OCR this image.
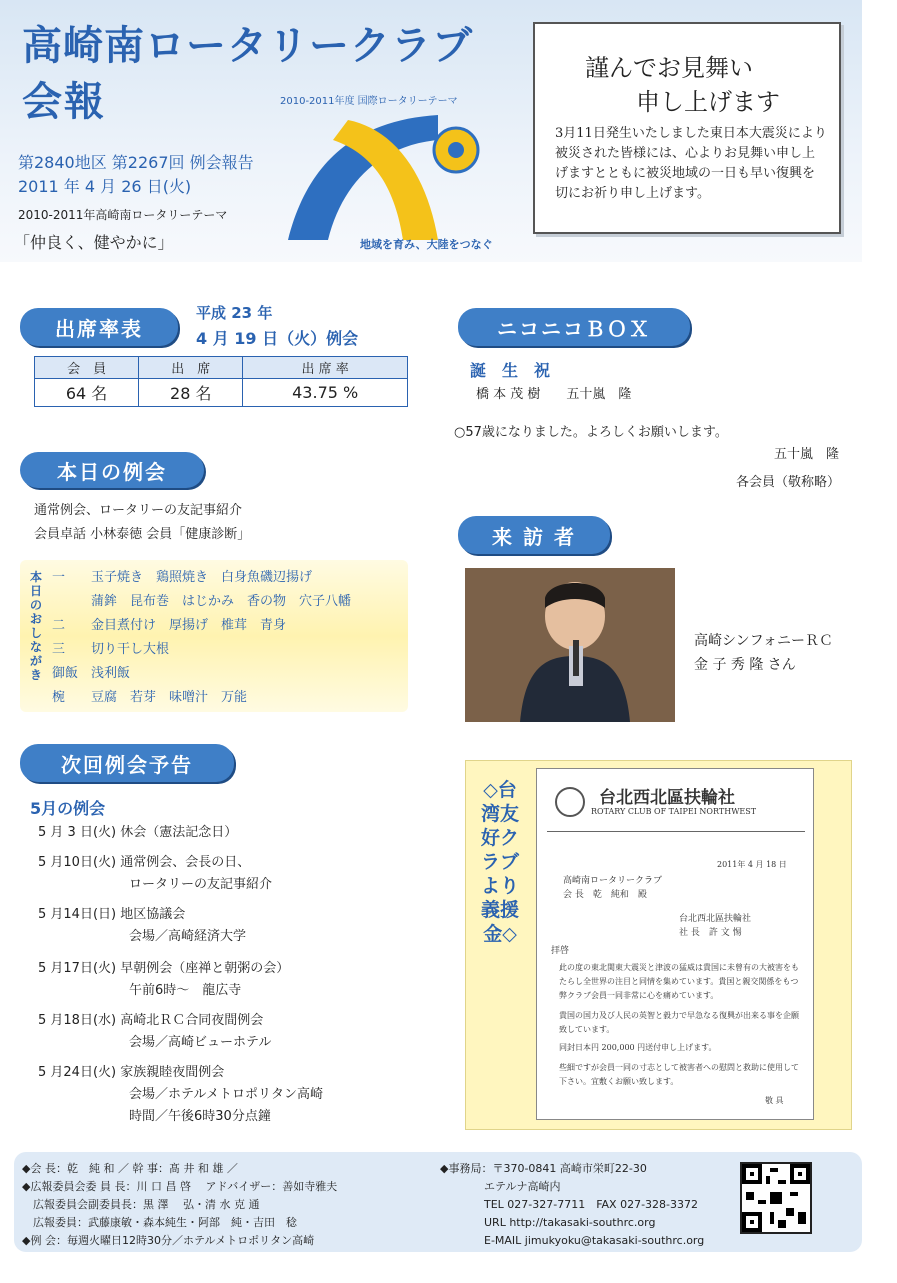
高崎南ロータリークラブ
会報	2010-2011年度 国際ロータリーテーマ
第2840地区 第2267回 例会報告
2011 年 4 月 26 日(火)
2010-2011年高崎南ロータリーテーマ
「仲良く、健やかに」	地域を育み、大陸をつなぐ
謹んでお見舞い
申し上げます
3月11日発生いたしました東日本大震災により被災された皆様には、心よりお見舞い申し上げますとともに被災地域の一日も早い復興を切にお祈り申し上げます。
出席率表
平成 23 年
4 月 19 日（火）例会
会　員	出　席	出 席 率
64 名	28 名	43.75 %
本日の例会
通常例会、ロータリーの友記事紹介
会員卓話 小林泰徳 会員「健康診断」
本日のおしながき
一　　玉子焼き　鶏照焼き　白身魚磯辺揚げ
　　　蒲鉾　昆布巻　はじかみ　香の物　穴子八幡
二　　金目煮付け　厚揚げ　椎茸　青身
三　　切り干し大根
御飯　浅利飯
椀　　豆腐　若芽　味噌汁　万能
次回例会予告
5月の例会
5 月 3 日(火) 休会（憲法記念日）
5 月10日(火) 通常例会、会長の日、
　　　　　　　ロータリーの友記事紹介
5 月14日(日) 地区協議会
　　　　　　　会場／高崎経済大学
5 月17日(火) 早朝例会（座禅と朝粥の会）
　　　　　　　午前6時～　龍広寺
5 月18日(水) 高崎北ＲＣ合同夜間例会
　　　　　　　会場／高崎ビューホテル
5 月24日(火) 家族親睦夜間例会
　　　　　　　会場／ホテルメトロポリタン高崎
　　　　　　　時間／午後6時30分点鐘
ニコニコＢＯＸ
誕　生　祝
橋 本 茂 樹　　五十嵐　隆
○57歳になりました。よろしくお願いします。
五十嵐　隆
各会員（敬称略）
来 訪 者
高崎シンフォニーＲＣ
金 子 秀 隆 さん
◇台湾友好クラブより義援金◇
台北西北區扶輪社
ROTARY CLUB OF TAIPEI NORTHWEST
2011年 4 月 18 日
高崎南ロータリークラブ
会 長　乾　純和　殿
台北西北區扶輪社
社 長　許 文 惕
拝啓
此の度の東北関東大震災と津波の猛威は貴国に未曾有の大被害をもたらし全世界の注目と同情を集めています。貴国と親交関係をもつ弊クラブ会員一同非常に心を痛めています。
貴国の国力及び人民の英智と毅力で早急なる復興が出来る事を企願致しています。
同封日本円 200,000 円送付申し上げます。
些細ですが会員一同の寸志として被害者への慰問と救助に使用して下さい。宜敷くお願い致します。
敬 具
◆会 長：乾　純 和 ／ 幹 事：髙 井 和 雄 ／
◆広報委員会委 員 長：川 口 昌 啓　 アドバイザー：善如寺雅夫
　広報委員会副委員長：黒 澤　 弘・清 水 克 通
　広報委員：武藤康敏・森本純生・阿部　純・吉田　稔
◆例 会：毎週火曜日12時30分／ホテルメトロポリタン高崎
◆事務局：〒370-0841 高崎市栄町22-30
　　　　エテルナ高崎内
　　　　TEL 027-327-7711　FAX 027-328-3372
　　　　URL http://takasaki-southrc.org
　　　　E-MAIL jimukyoku@takasaki-southrc.org
